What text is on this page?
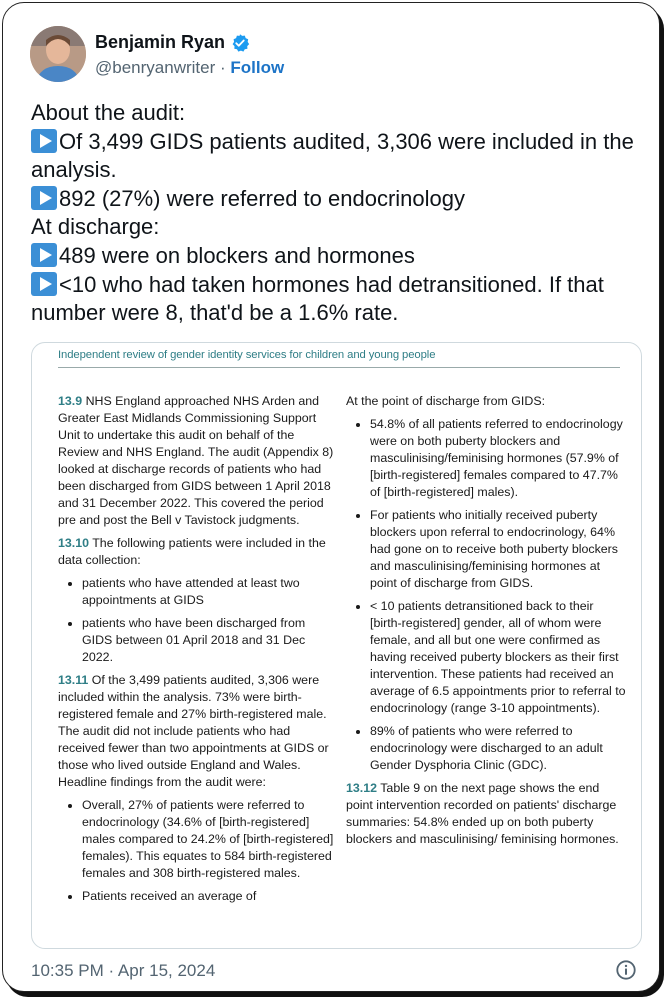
Benjamin Ryan
@benryanwriter · Follow

About the audit:

Of 3,499 GIDS patients audited, 3,306 were included in the analysis.

892 (27%) were referred to endocrinology

At discharge:

489 were on blockers and hormones

<10 who had taken hormones had detransitioned. If that number were 8, that'd be a 1.6% rate.

Independent review of gender identity services for children and young people

13.9 NHS England approached NHS Arden and Greater East Midlands Commissioning Support Unit to undertake this audit on behalf of the Review and NHS England. The audit (Appendix 8) looked at discharge records of patients who had been discharged from GIDS between 1 April 2018 and 31 December 2022. This covered the period pre and post the Bell v Tavistock judgments.

13.10 The following patients were included in the data collection:

• patients who have attended at least two appointments at GIDS
• patients who have been discharged from GIDS between 01 April 2018 and 31 Dec 2022.

13.11 Of the 3,499 patients audited, 3,306 were included within the analysis. 73% were birth-registered female and 27% birth-registered male. The audit did not include patients who had received fewer than two appointments at GIDS or those who lived outside England and Wales. Headline findings from the audit were:

• Overall, 27% of patients were referred to endocrinology (34.6% of [birth-registered] males compared to 24.2% of [birth-registered] females). This equates to 584 birth-registered females and 308 birth-registered males.
• Patients received an average of

At the point of discharge from GIDS:

• 54.8% of all patients referred to endocrinology were on both puberty blockers and masculinising/feminising hormones (57.9% of [birth-registered] females compared to 47.7% of [birth-registered] males).
• For patients who initially received puberty blockers upon referral to endocrinology, 64% had gone on to receive both puberty blockers and masculinising/feminising hormones at point of discharge from GIDS.
• < 10 patients detransitioned back to their [birth-registered] gender, all of whom were female, and all but one were confirmed as having received puberty blockers as their first intervention. These patients had received an average of 6.5 appointments prior to referral to endocrinology (range 3-10 appointments).
• 89% of patients who were referred to endocrinology were discharged to an adult Gender Dysphoria Clinic (GDC).

13.12 Table 9 on the next page shows the end point intervention recorded on patients' discharge summaries: 54.8% ended up on both puberty blockers and masculinising/ feminising hormones.

10:35 PM · Apr 15, 2024
